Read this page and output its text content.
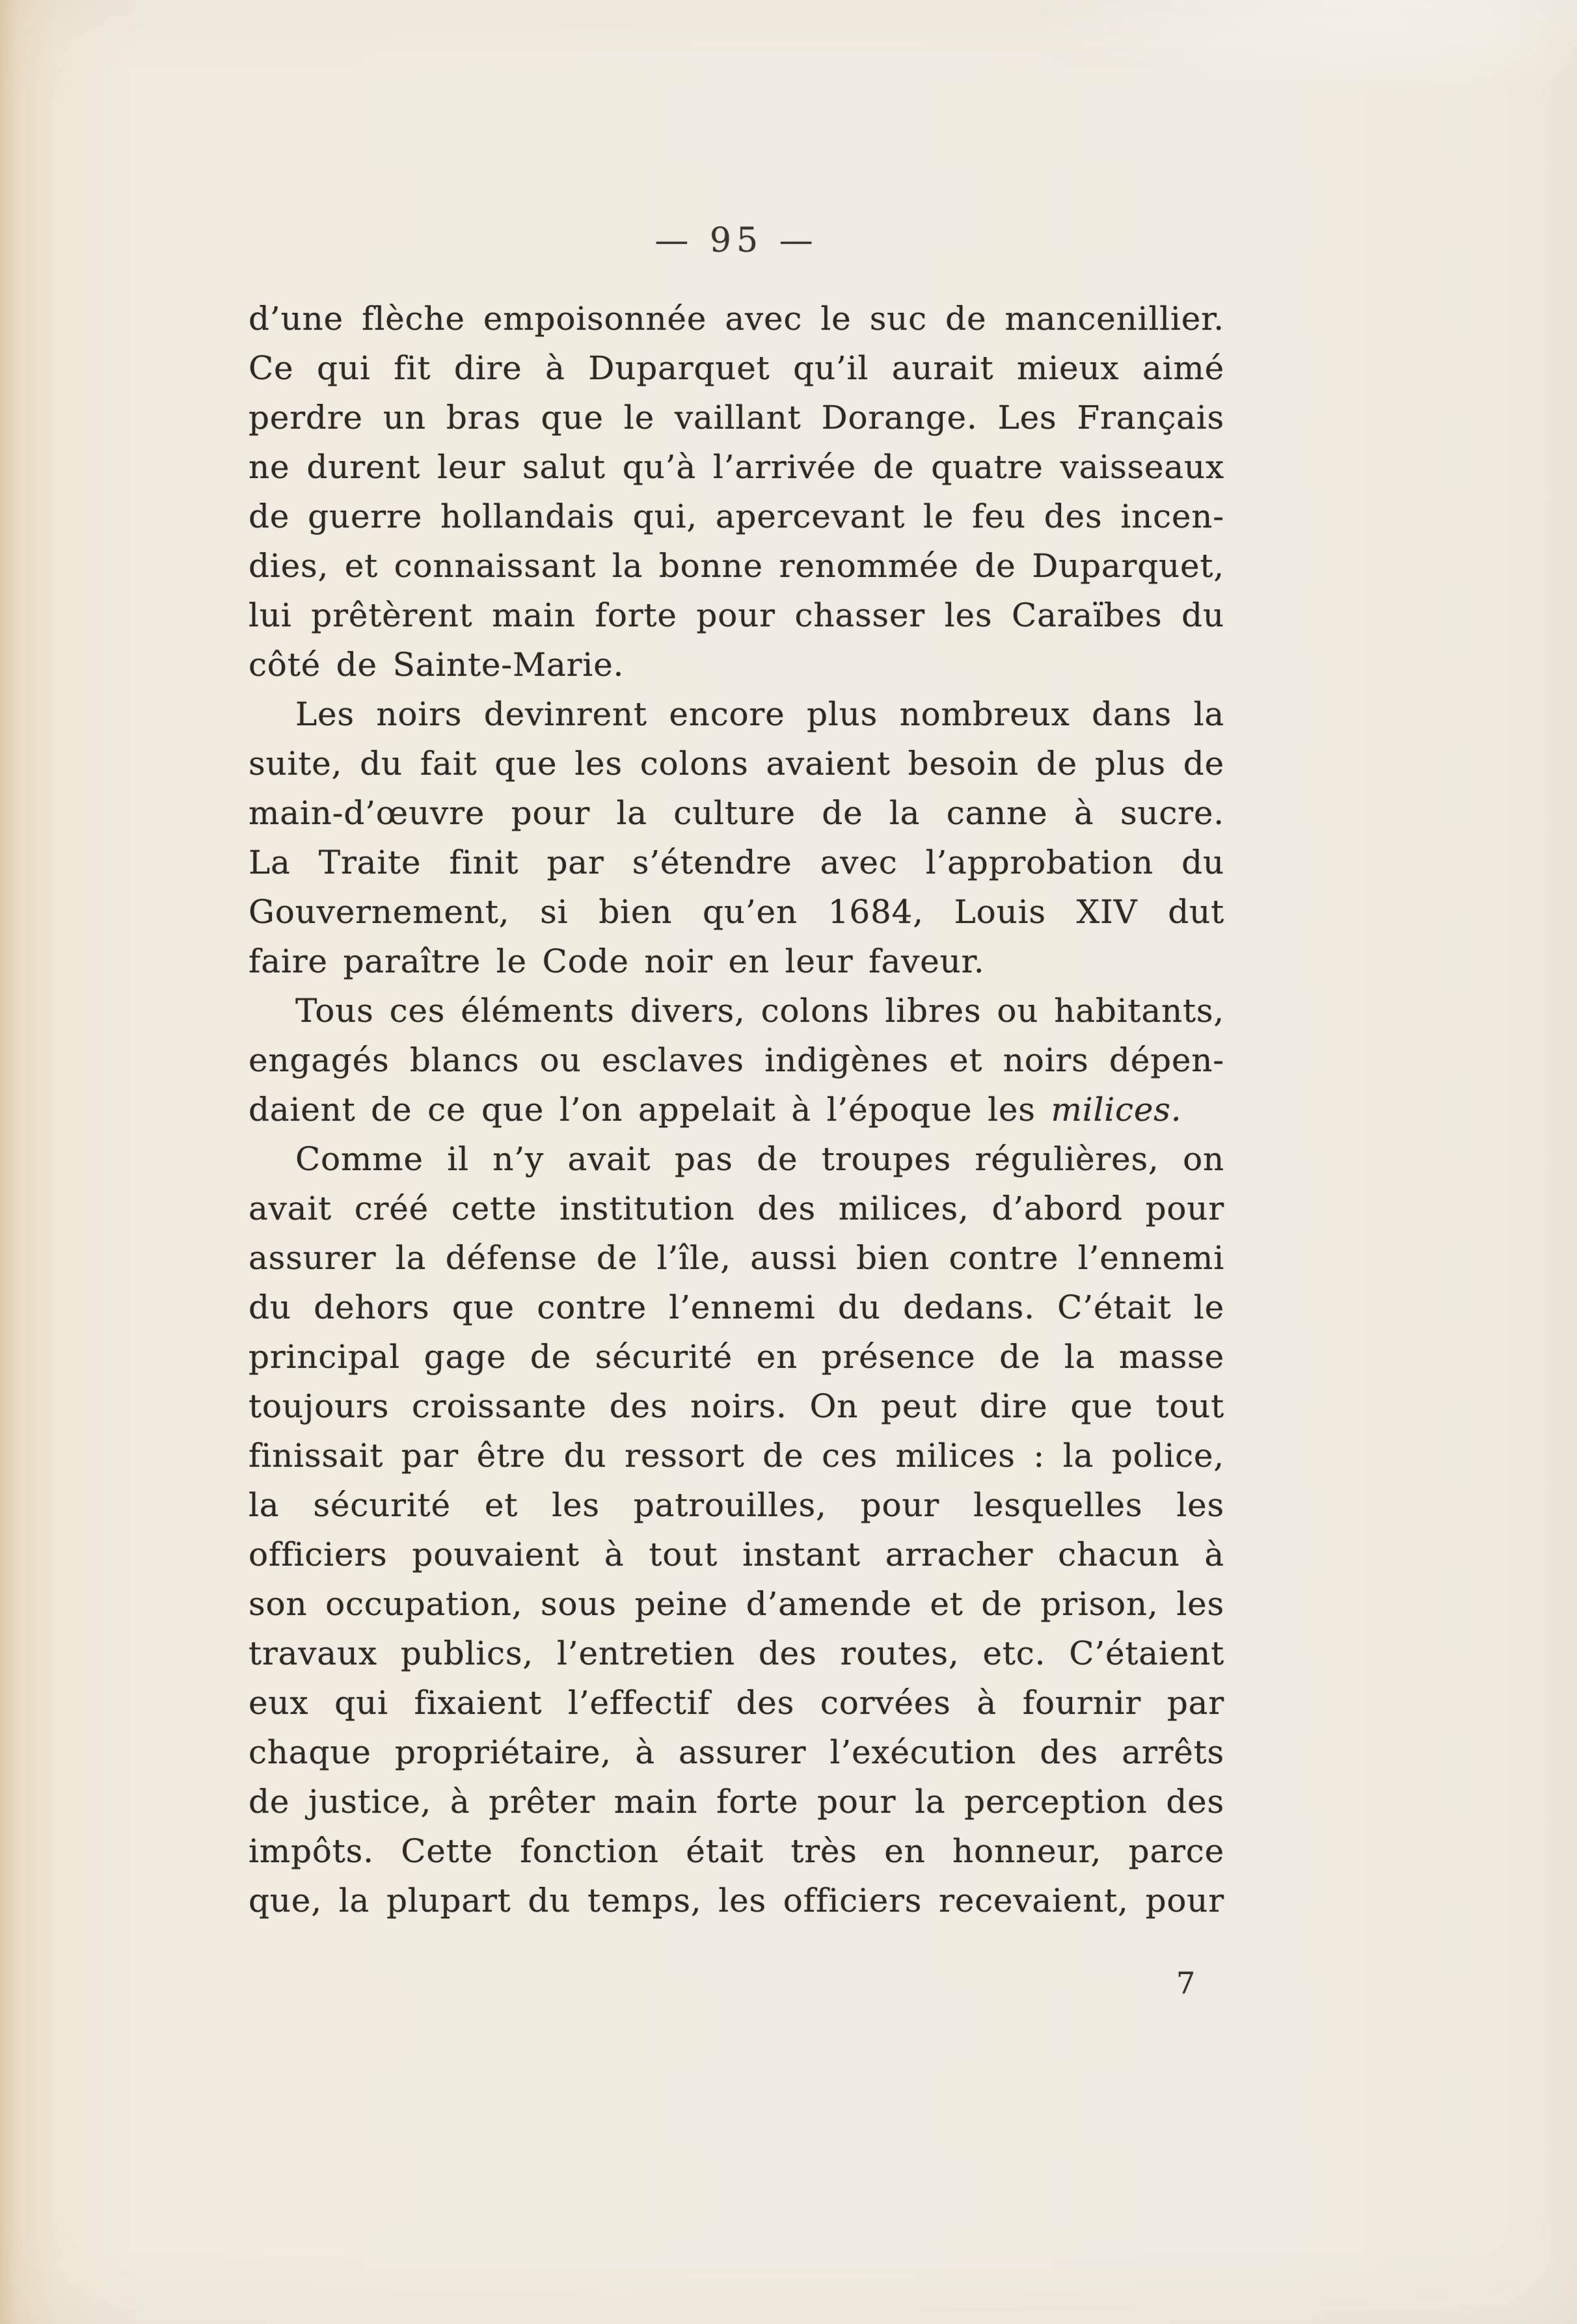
— 95 —
d’une flèche empoisonnée avec le suc de mancenillier.
Ce qui fit dire à Duparquet qu’il aurait mieux aimé
perdre un bras que le vaillant Dorange. Les Français
ne durent leur salut qu’à l’arrivée de quatre vaisseaux
de guerre hollandais qui, apercevant le feu des incen-
dies, et connaissant la bonne renommée de Duparquet,
lui prêtèrent main forte pour chasser les Caraïbes du
côté de Sainte-Marie.
Les noirs devinrent encore plus nombreux dans la
suite, du fait que les colons avaient besoin de plus de
main-d’œuvre pour la culture de la canne à sucre.
La Traite finit par s’étendre avec l’approbation du
Gouvernement, si bien qu’en 1684, Louis XIV dut
faire paraître le Code noir en leur faveur.
Tous ces éléments divers, colons libres ou habitants,
engagés blancs ou esclaves indigènes et noirs dépen-
daient de ce que l’on appelait à l’époque les milices.
Comme il n’y avait pas de troupes régulières, on
avait créé cette institution des milices, d’abord pour
assurer la défense de l’île, aussi bien contre l’ennemi
du dehors que contre l’ennemi du dedans. C’était le
principal gage de sécurité en présence de la masse
toujours croissante des noirs. On peut dire que tout
finissait par être du ressort de ces milices : la police,
la sécurité et les patrouilles, pour lesquelles les
officiers pouvaient à tout instant arracher chacun à
son occupation, sous peine d’amende et de prison, les
travaux publics, l’entretien des routes, etc. C’étaient
eux qui fixaient l’effectif des corvées à fournir par
chaque propriétaire, à assurer l’exécution des arrêts
de justice, à prêter main forte pour la perception des
impôts. Cette fonction était très en honneur, parce
que, la plupart du temps, les officiers recevaient, pour
7
